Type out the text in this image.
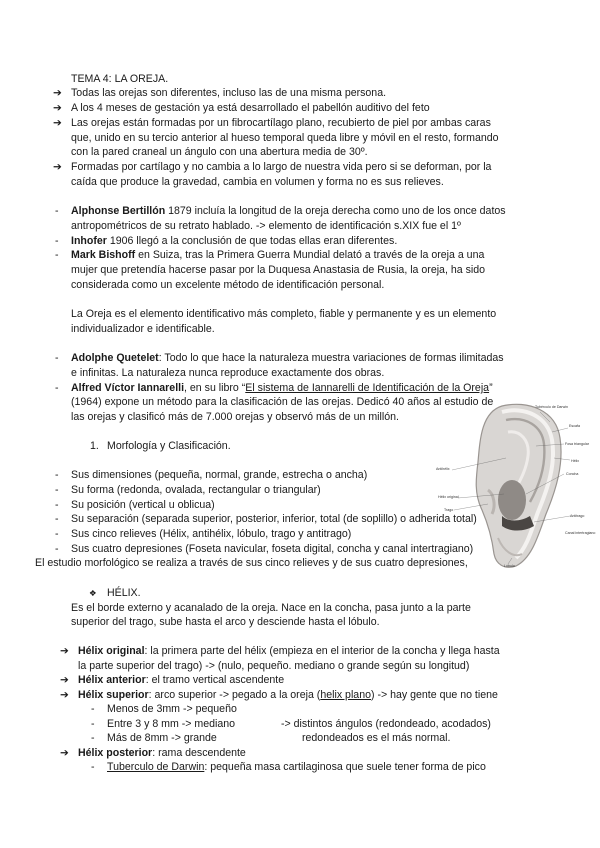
TEMA 4: LA OREJA.
➔ Todas las orejas son diferentes, incluso las de una misma persona.
➔ A los 4 meses de gestación ya está desarrollado el pabellón auditivo del feto
➔ Las orejas están formadas por un fibrocartílago plano, recubierto de piel por ambas caras
que, unido en su tercio anterior al hueso temporal queda libre y móvil en el resto, formando
con la pared craneal un ángulo con una abertura media de 30º.
➔ Formadas por cartílago y no cambia a lo largo de nuestra vida pero si se deforman, por la
caída que produce la gravedad, cambia en volumen y forma no es sus relieves.
- Alphonse Bertillón 1879 incluía la longitud de la oreja derecha como uno de los once datos
antropométricos de su retrato hablado. -> elemento de identificación s.XIX fue el 1º
- Inhofer 1906 llegó a la conclusión de que todas ellas eran diferentes.
- Mark Bishoff en Suiza, tras la Primera Guerra Mundial delató a través de la oreja a una
mujer que pretendía hacerse pasar por la Duquesa Anastasia de Rusia, la oreja, ha sido
considerada como un excelente método de identificación personal.
La Oreja es el elemento identificativo más completo, fiable y permanente y es un elemento
individualizador e identificable.
- Adolphe Quetelet: Todo lo que hace la naturaleza muestra variaciones de formas ilimitadas
e infinitas. La naturaleza nunca reproduce exactamente dos obras.
- Alfred Víctor Iannarelli, en su libro “El sistema de Iannarelli de Identificación de la Oreja”
(1964) expone un método para la clasificación de las orejas. Dedicó 40 años al estudio de
las orejas y clasificó más de 7.000 orejas y observó más de un millón.
1. Morfología y Clasificación.
- Sus dimensiones (pequeña, normal, grande, estrecha o ancha)
- Su forma (redonda, ovalada, rectangular o triangular)
- Su posición (vertical u oblicua)
- Su separación (separada superior, posterior, inferior, total (de soplillo) o adherida total)
- Sus cinco relieves (Hélix, antihélix, lóbulo, trago y antitrago)
- Sus cuatro depresiones (Foseta navicular, foseta digital, concha y canal intertragiano)
El estudio morfológico se realiza a través de sus cinco relieves y de sus cuatro depresiones,
Tubérculo de Darwin
Escafa
Fosa triangular
Hélix
Concha
Antihélix
Hélix original
Trago
Antitrago
Lóbulo
Canal intertragiano
❖ HÉLIX.
Es el borde externo y acanalado de la oreja. Nace en la concha, pasa junto a la parte
superior del trago, sube hasta el arco y desciende hasta el lóbulo.
➔ Hélix original: la primera parte del hélix (empieza en el interior de la concha y llega hasta
la parte superior del trago) -> (nulo, pequeño. mediano o grande según su longitud)
➔ Hélix anterior: el tramo vertical ascendente
➔ Hélix superior: arco superior -> pegado a la oreja (helix plano) -> hay gente que no tiene
- Menos de 3mm -> pequeño
- Entre 3 y 8 mm -> mediano	-> distintos ángulos (redondeado, acodados)
- Más de 8mm -> grande	redondeados es el más normal.
➔ Hélix posterior: rama descendente
- Tuberculo de Darwin: pequeña masa cartilaginosa que suele tener forma de pico
